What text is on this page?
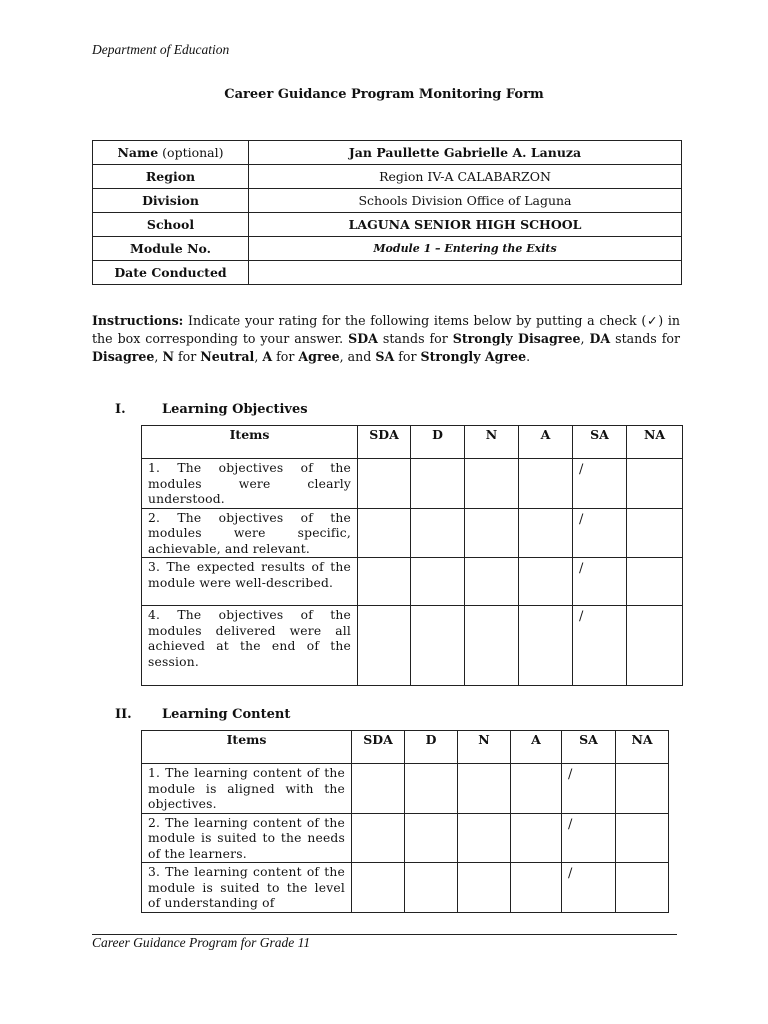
Department of Education
Career Guidance Program Monitoring Form
Name (optional)	Jan Paullette Gabrielle A. Lanuza
Region	Region IV-A CALABARZON
Division	Schools Division Office of Laguna
School	LAGUNA SENIOR HIGH SCHOOL
Module No.	Module 1 – Entering the Exits
Date Conducted	
Instructions: Indicate your rating for the following items below by putting a check (✓) in the box corresponding to your answer. SDA stands for Strongly Disagree, DA stands for Disagree, N for Neutral, A for Agree, and SA for Strongly Agree.
I.	Learning Objectives
Items	SDA	D	N	A	SA	NA
1. The objectives of the modules were clearly understood.					/	
2. The objectives of the modules were specific, achievable, and relevant.					/	
3. The expected results of the module were well-described.					/	
4. The objectives of the modules delivered were all achieved at the end of the session.					/	
II. Learning Content
Items	SDA	D	N	A	SA	NA
1. The learning content of the module is aligned with the objectives.					/	
2. The learning content of the module is suited to the needs of the learners.					/	
3. The learning content of the module is suited to the level of understanding of					/	
Career Guidance Program for Grade 11
